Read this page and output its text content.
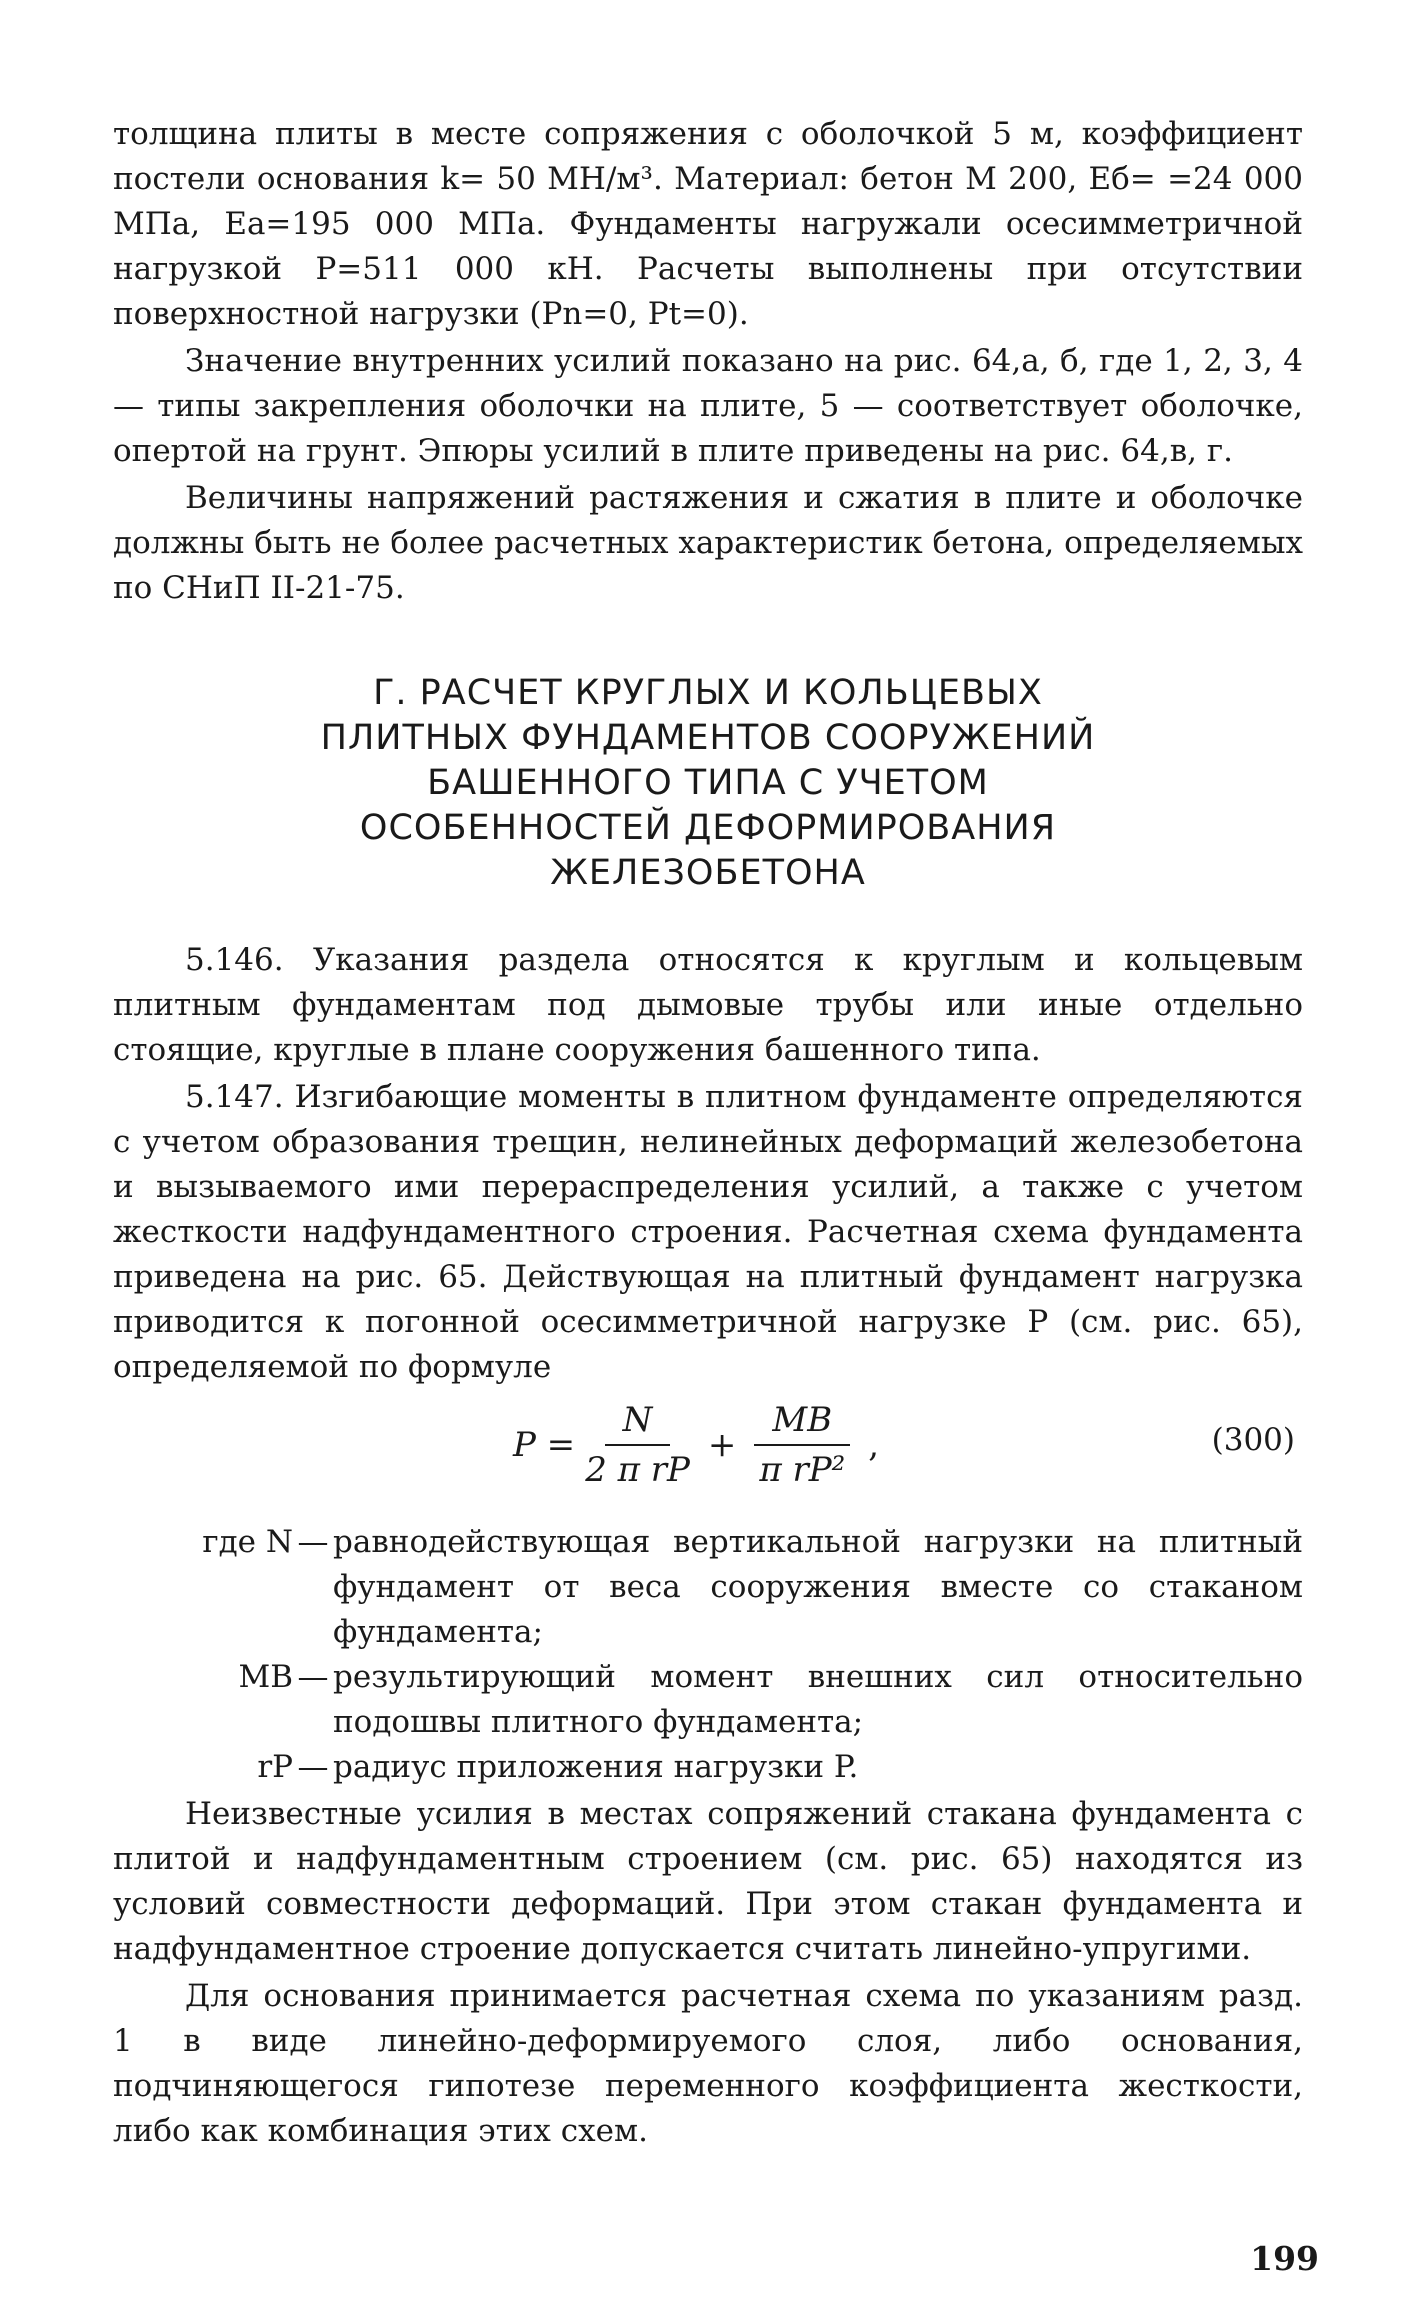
толщина плиты в месте сопряжения с оболочкой 5 м, коэффициент постели основания k= 50 МН/м³. Материал: бетон М 200, Eб= =24 000 МПа, Eа=195 000 МПа. Фундаменты нагружали осесимметричной нагрузкой P=511 000 кН. Расчеты выполнены при отсутствии поверхностной нагрузки (Pn=0, Pt=0).

Значение внутренних усилий показано на рис. 64,а, б, где 1, 2, 3, 4 — типы закрепления оболочки на плите, 5 — соответствует оболочке, опертой на грунт. Эпюры усилий в плите приведены на рис. 64,в, г.

Величины напряжений растяжения и сжатия в плите и оболочке должны быть не более расчетных характеристик бетона, определяемых по СНиП II-21-75.

Г. РАСЧЕТ КРУГЛЫХ И КОЛЬЦЕВЫХ
ПЛИТНЫХ ФУНДАМЕНТОВ СООРУЖЕНИЙ
БАШЕННОГО ТИПА С УЧЕТОМ
ОСОБЕННОСТЕЙ ДЕФОРМИРОВАНИЯ
ЖЕЛЕЗОБЕТОНА

5.146. Указания раздела относятся к круглым и кольцевым плитным фундаментам под дымовые трубы или иные отдельно стоящие, круглые в плане сооружения башенного типа.

5.147. Изгибающие моменты в плитном фундаменте определяются с учетом образования трещин, нелинейных деформаций железобетона и вызываемого ими перераспределения усилий, а также с учетом жесткости надфундаментного строения. Расчетная схема фундамента приведена на рис. 65. Действующая на плитный фундамент нагрузка приводится к погонной осесимметричной нагрузке P (см. рис. 65), определяемой по формуле

$P = \frac{N}{\text{2 π rP}} + \frac{MB}{\text{π rP²}}$ ,	(300)
где N — равнодействующая вертикальной нагрузки на плитный фундамент от веса сооружения вместе со стаканом фундамента;
MB — результирующий момент внешних сил относительно подошвы плитного фундамента;
rP — радиус приложения нагрузки P.

Неизвестные усилия в местах сопряжений стакана фундамента с плитой и надфундаментным строением (см. рис. 65) находятся из условий совместности деформаций. При этом стакан фундамента и надфундаментное строение допускается считать линейно-упругими.

Для основания принимается расчетная схема по указаниям разд. 1 в виде линейно-деформируемого слоя, либо основания, подчиняющегося гипотезе переменного коэффициента жесткости, либо как комбинация этих схем.

199
